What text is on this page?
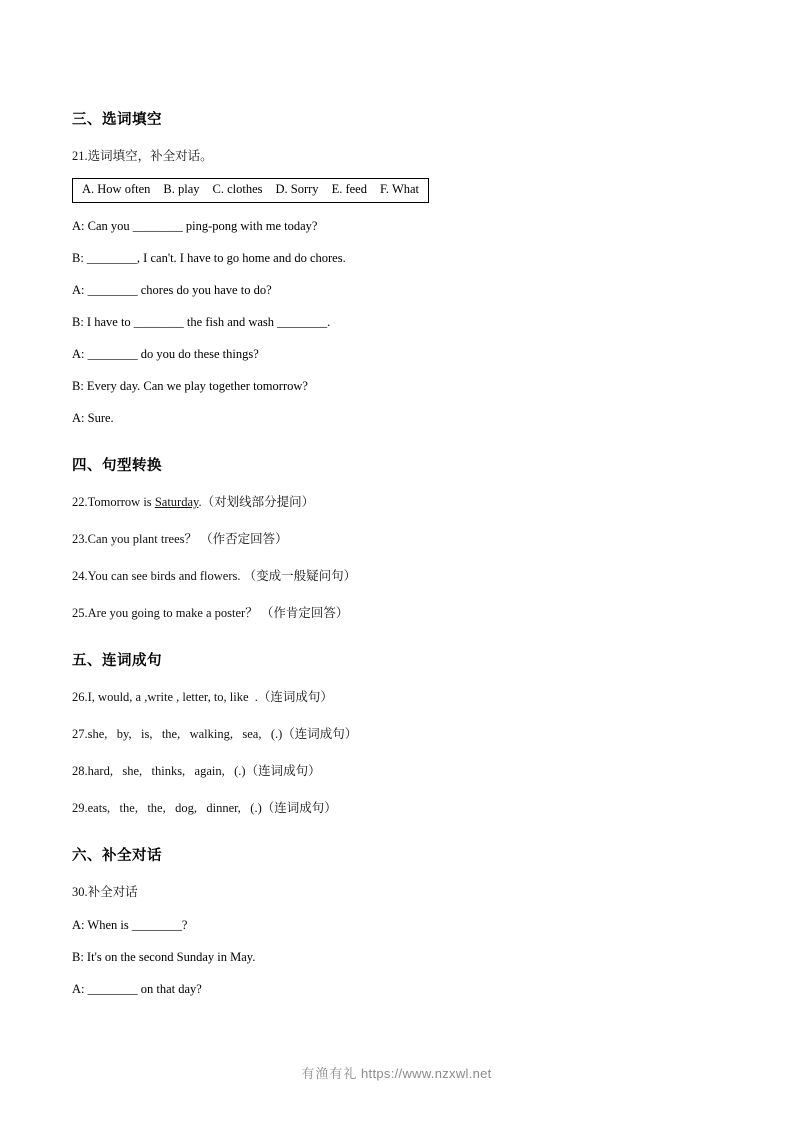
三、选词填空
21.选词填空，补全对话。
A. How often B. play C. clothes D. Sorry E. feed F. What
A: Can you ________ ping-pong with me today?
B: ________, I can't. I have to go home and do chores.
A: ________ chores do you have to do?
B: I have to ________ the fish and wash ________.
A: ________ do you do these things?
B: Every day. Can we play together tomorrow?
A: Sure.
四、句型转换
22.Tomorrow is Saturday.（对划线部分提问）
23.Can you plant trees？ （作否定回答）
24.You can see birds and flowers. （变成一般疑问句）
25.Are you going to make a poster？ （作肯定回答）
五、连词成句
26.I, would, a ,write , letter, to, like  .（连词成句）
27.she,   by,   is,   the,   walking,   sea,   (.)（连词成句）
28.hard,   she,   thinks,   again,   (.)（连词成句）
29.eats,   the,   the,   dog,   dinner,   (.)（连词成句）
六、补全对话
30.补全对话
A: When is ________?
B: It's on the second Sunday in May.
A: ________ on that day?
有渔有礼 https://www.nzxwl.net
